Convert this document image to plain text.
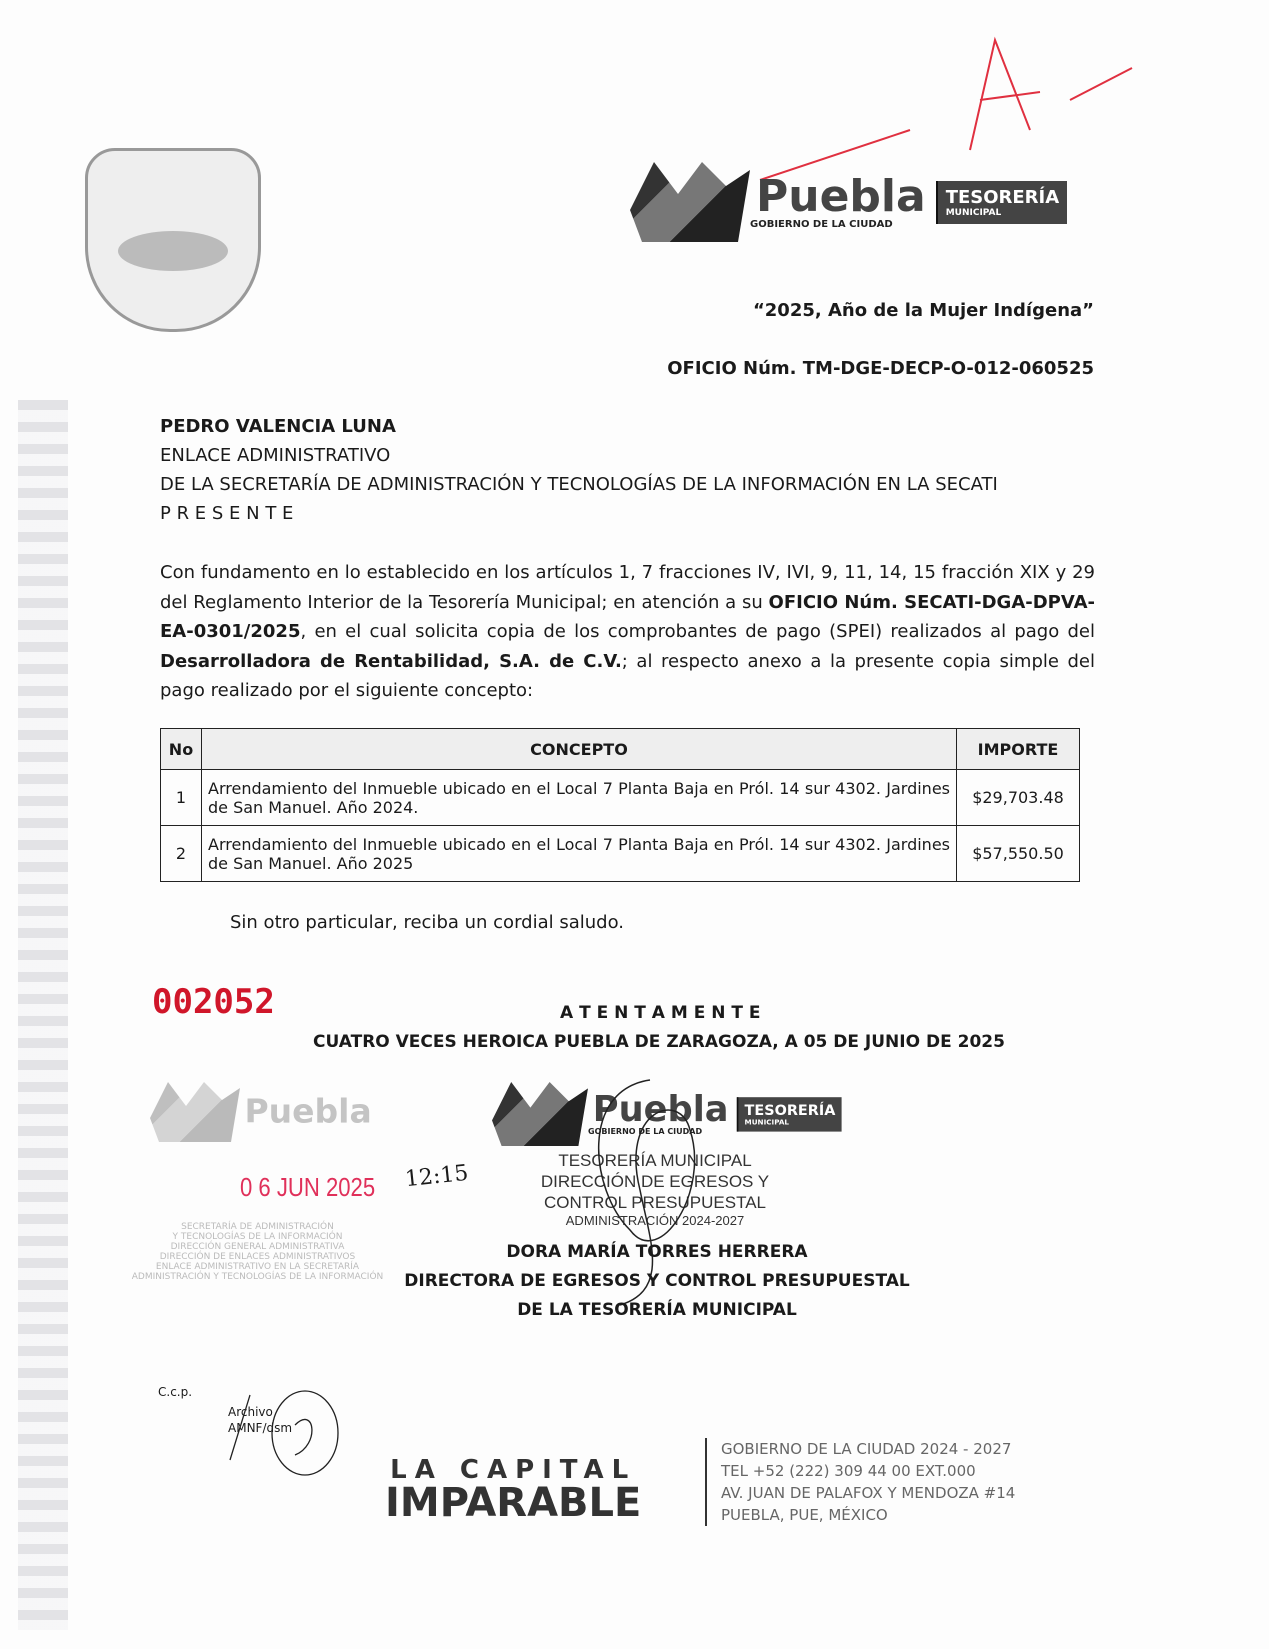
Puebla
GOBIERNO DE LA CIUDAD
TESORERÍA
MUNICIPAL
“2025, Año de la Mujer Indígena”
OFICIO Núm. TM-DGE-DECP-O-012-060525
PEDRO VALENCIA LUNA
ENLACE ADMINISTRATIVO
DE LA SECRETARÍA DE ADMINISTRACIÓN Y TECNOLOGÍAS DE LA INFORMACIÓN EN LA SECATI
P R E S E N T E
Con fundamento en lo establecido en los artículos 1, 7 fracciones IV, IVI, 9, 11, 14, 15 fracción XIX y 29 del Reglamento Interior de la Tesorería Municipal; en atención a su OFICIO Núm. SECATI-DGA-DPVA-EA-0301/2025, en el cual solicita copia de los comprobantes de pago (SPEI) realizados al pago del Desarrolladora de Rentabilidad, S.A. de C.V.; al respecto anexo a la presente copia simple del pago realizado por el siguiente concepto:
No	CONCEPTO	IMPORTE
1	Arrendamiento del Inmueble ubicado en el Local 7 Planta Baja en Pról. 14 sur 4302. Jardines de San Manuel. Año 2024.	$29,703.48
2	Arrendamiento del Inmueble ubicado en el Local 7 Planta Baja en Pról. 14 sur 4302. Jardines de San Manuel. Año 2025	$57,550.50
Sin otro particular, reciba un cordial saludo.
002052	A T E N T A M E N T E
CUATRO VECES HEROICA PUEBLA DE ZARAGOZA, A 05 DE JUNIO DE 2025
Puebla	Puebla
GOBIERNO DE LA CIUDAD
TESORERÍA
MUNICIPAL
0 6 JUN 2025 12:15
SECRETARÍA DE ADMINISTRACIÓN
Y TECNOLOGÍAS DE LA INFORMACIÓN
DIRECCIÓN GENERAL ADMINISTRATIVA
DIRECCIÓN DE ENLACES ADMINISTRATIVOS
ENLACE ADMINISTRATIVO EN LA SECRETARÍA
ADMINISTRACIÓN Y TECNOLOGÍAS DE LA INFORMACIÓN
TESORERÍA MUNICIPAL
DIRECCIÓN DE EGRESOS Y
CONTROL PRESUPUESTAL
ADMINISTRACIÓN 2024-2027
DORA MARÍA TORRES HERRERA
DIRECTORA DE EGRESOS Y CONTROL PRESUPUESTAL
DE LA TESORERÍA MUNICIPAL
C.c.p.
Archivo
AMNF/dsm
LA CAPITAL
IMPARABLE
GOBIERNO DE LA CIUDAD 2024 - 2027
TEL +52 (222) 309 44 00 EXT.000
AV. JUAN DE PALAFOX Y MENDOZA #14
PUEBLA, PUE, MÉXICO
